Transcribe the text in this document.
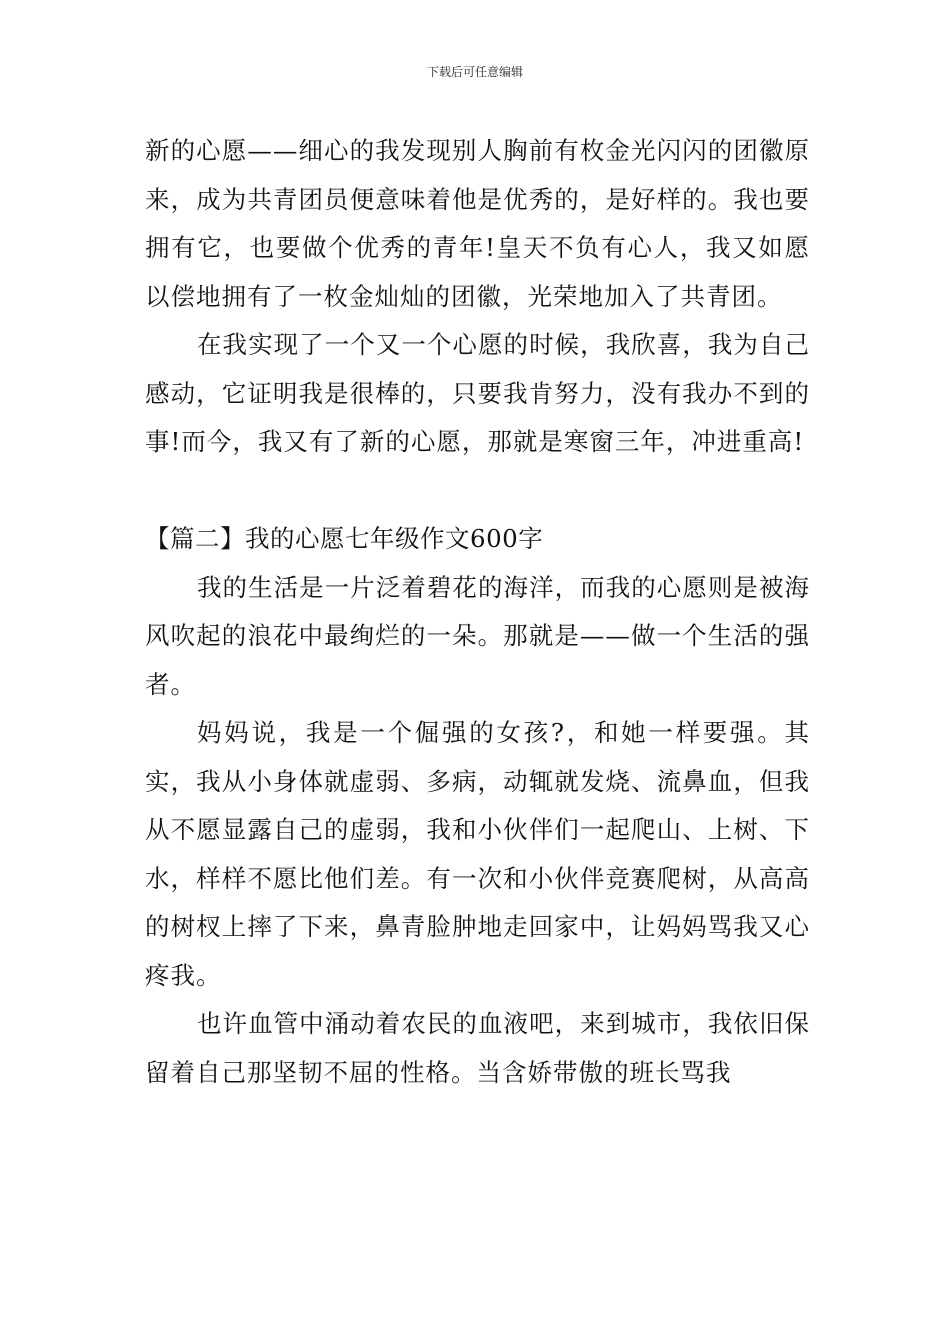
下载后可任意编辑

新的心愿——细心的我发现别人胸前有枚金光闪闪的团徽原来，成为共青团员便意味着他是优秀的，是好样的。我也要拥有它，也要做个优秀的青年!皇天不负有心人，我又如愿以偿地拥有了一枚金灿灿的团徽，光荣地加入了共青团。

在我实现了一个又一个心愿的时候，我欣喜，我为自己感动，它证明我是很棒的，只要我肯努力，没有我办不到的事!而今，我又有了新的心愿，那就是寒窗三年，冲进重高!

【篇二】我的心愿七年级作文600字

我的生活是一片泛着碧花的海洋，而我的心愿则是被海风吹起的浪花中最绚烂的一朵。那就是——做一个生活的强者。

妈妈说，我是一个倔强的女孩?，和她一样要强。其实，我从小身体就虚弱、多病，动辄就发烧、流鼻血，但我从不愿显露自己的虚弱，我和小伙伴们一起爬山、上树、下水，样样不愿比他们差。有一次和小伙伴竞赛爬树，从高高的树杈上摔了下来，鼻青脸肿地走回家中，让妈妈骂我又心疼我。

也许血管中涌动着农民的血液吧，来到城市，我依旧保留着自己那坚韧不屈的性格。当含娇带傲的班长骂我
